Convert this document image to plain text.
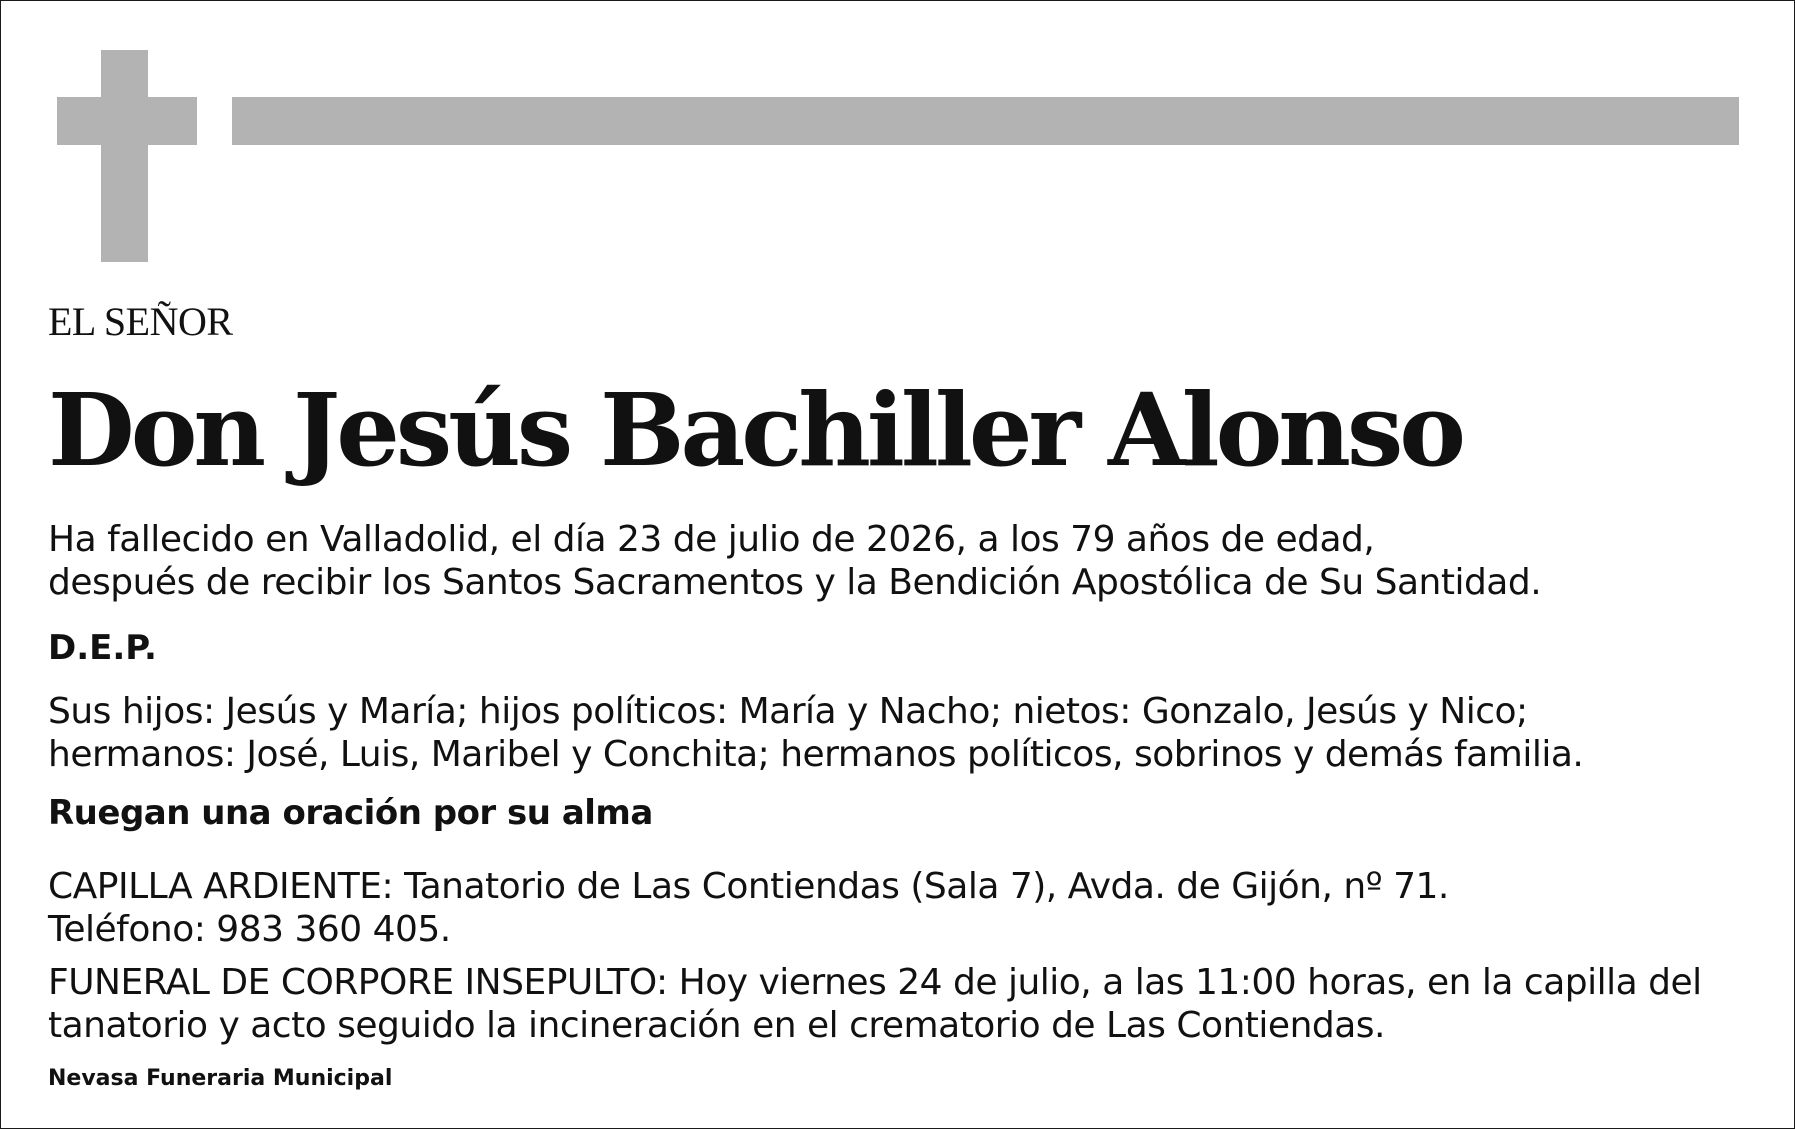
EL SEÑOR
Don Jesús Bachiller Alonso
Ha fallecido en Valladolid, el día 23 de julio de 2026, a los 79 años de edad,
después de recibir los Santos Sacramentos y la Bendición Apostólica de Su Santidad.
D.E.P.
Sus hijos: Jesús y María; hijos políticos: María y Nacho; nietos: Gonzalo, Jesús y Nico;
hermanos: José, Luis, Maribel y Conchita; hermanos políticos, sobrinos y demás familia.
Ruegan una oración por su alma
CAPILLA ARDIENTE: Tanatorio de Las Contiendas (Sala 7), Avda. de Gijón, nº 71.
Teléfono: 983 360 405.
FUNERAL DE CORPORE INSEPULTO: Hoy viernes 24 de julio, a las 11:00 horas, en la capilla del
tanatorio y acto seguido la incineración en el crematorio de Las Contiendas.
Nevasa Funeraria Municipal
